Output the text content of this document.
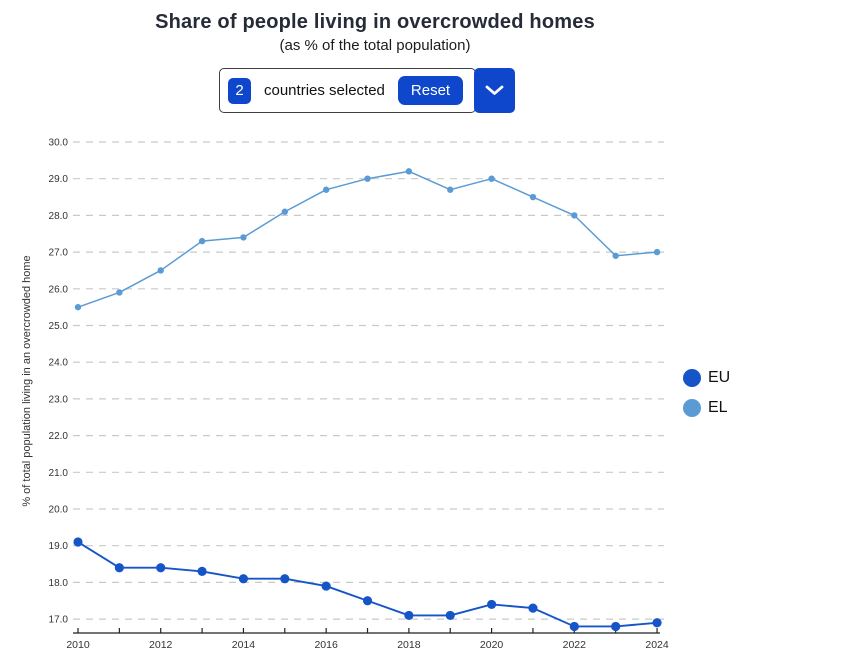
Share of people living in overcrowded homes
(as % of the total population)
2	countries selected	Reset
17.0
18.0
19.0
20.0
21.0
22.0
23.0
24.0
25.0
26.0
27.0
28.0
29.0
30.0
2010	2012	2014	2016	2018	2020	2022	2024
% of total population living in an overcrowded home	EU
EL
